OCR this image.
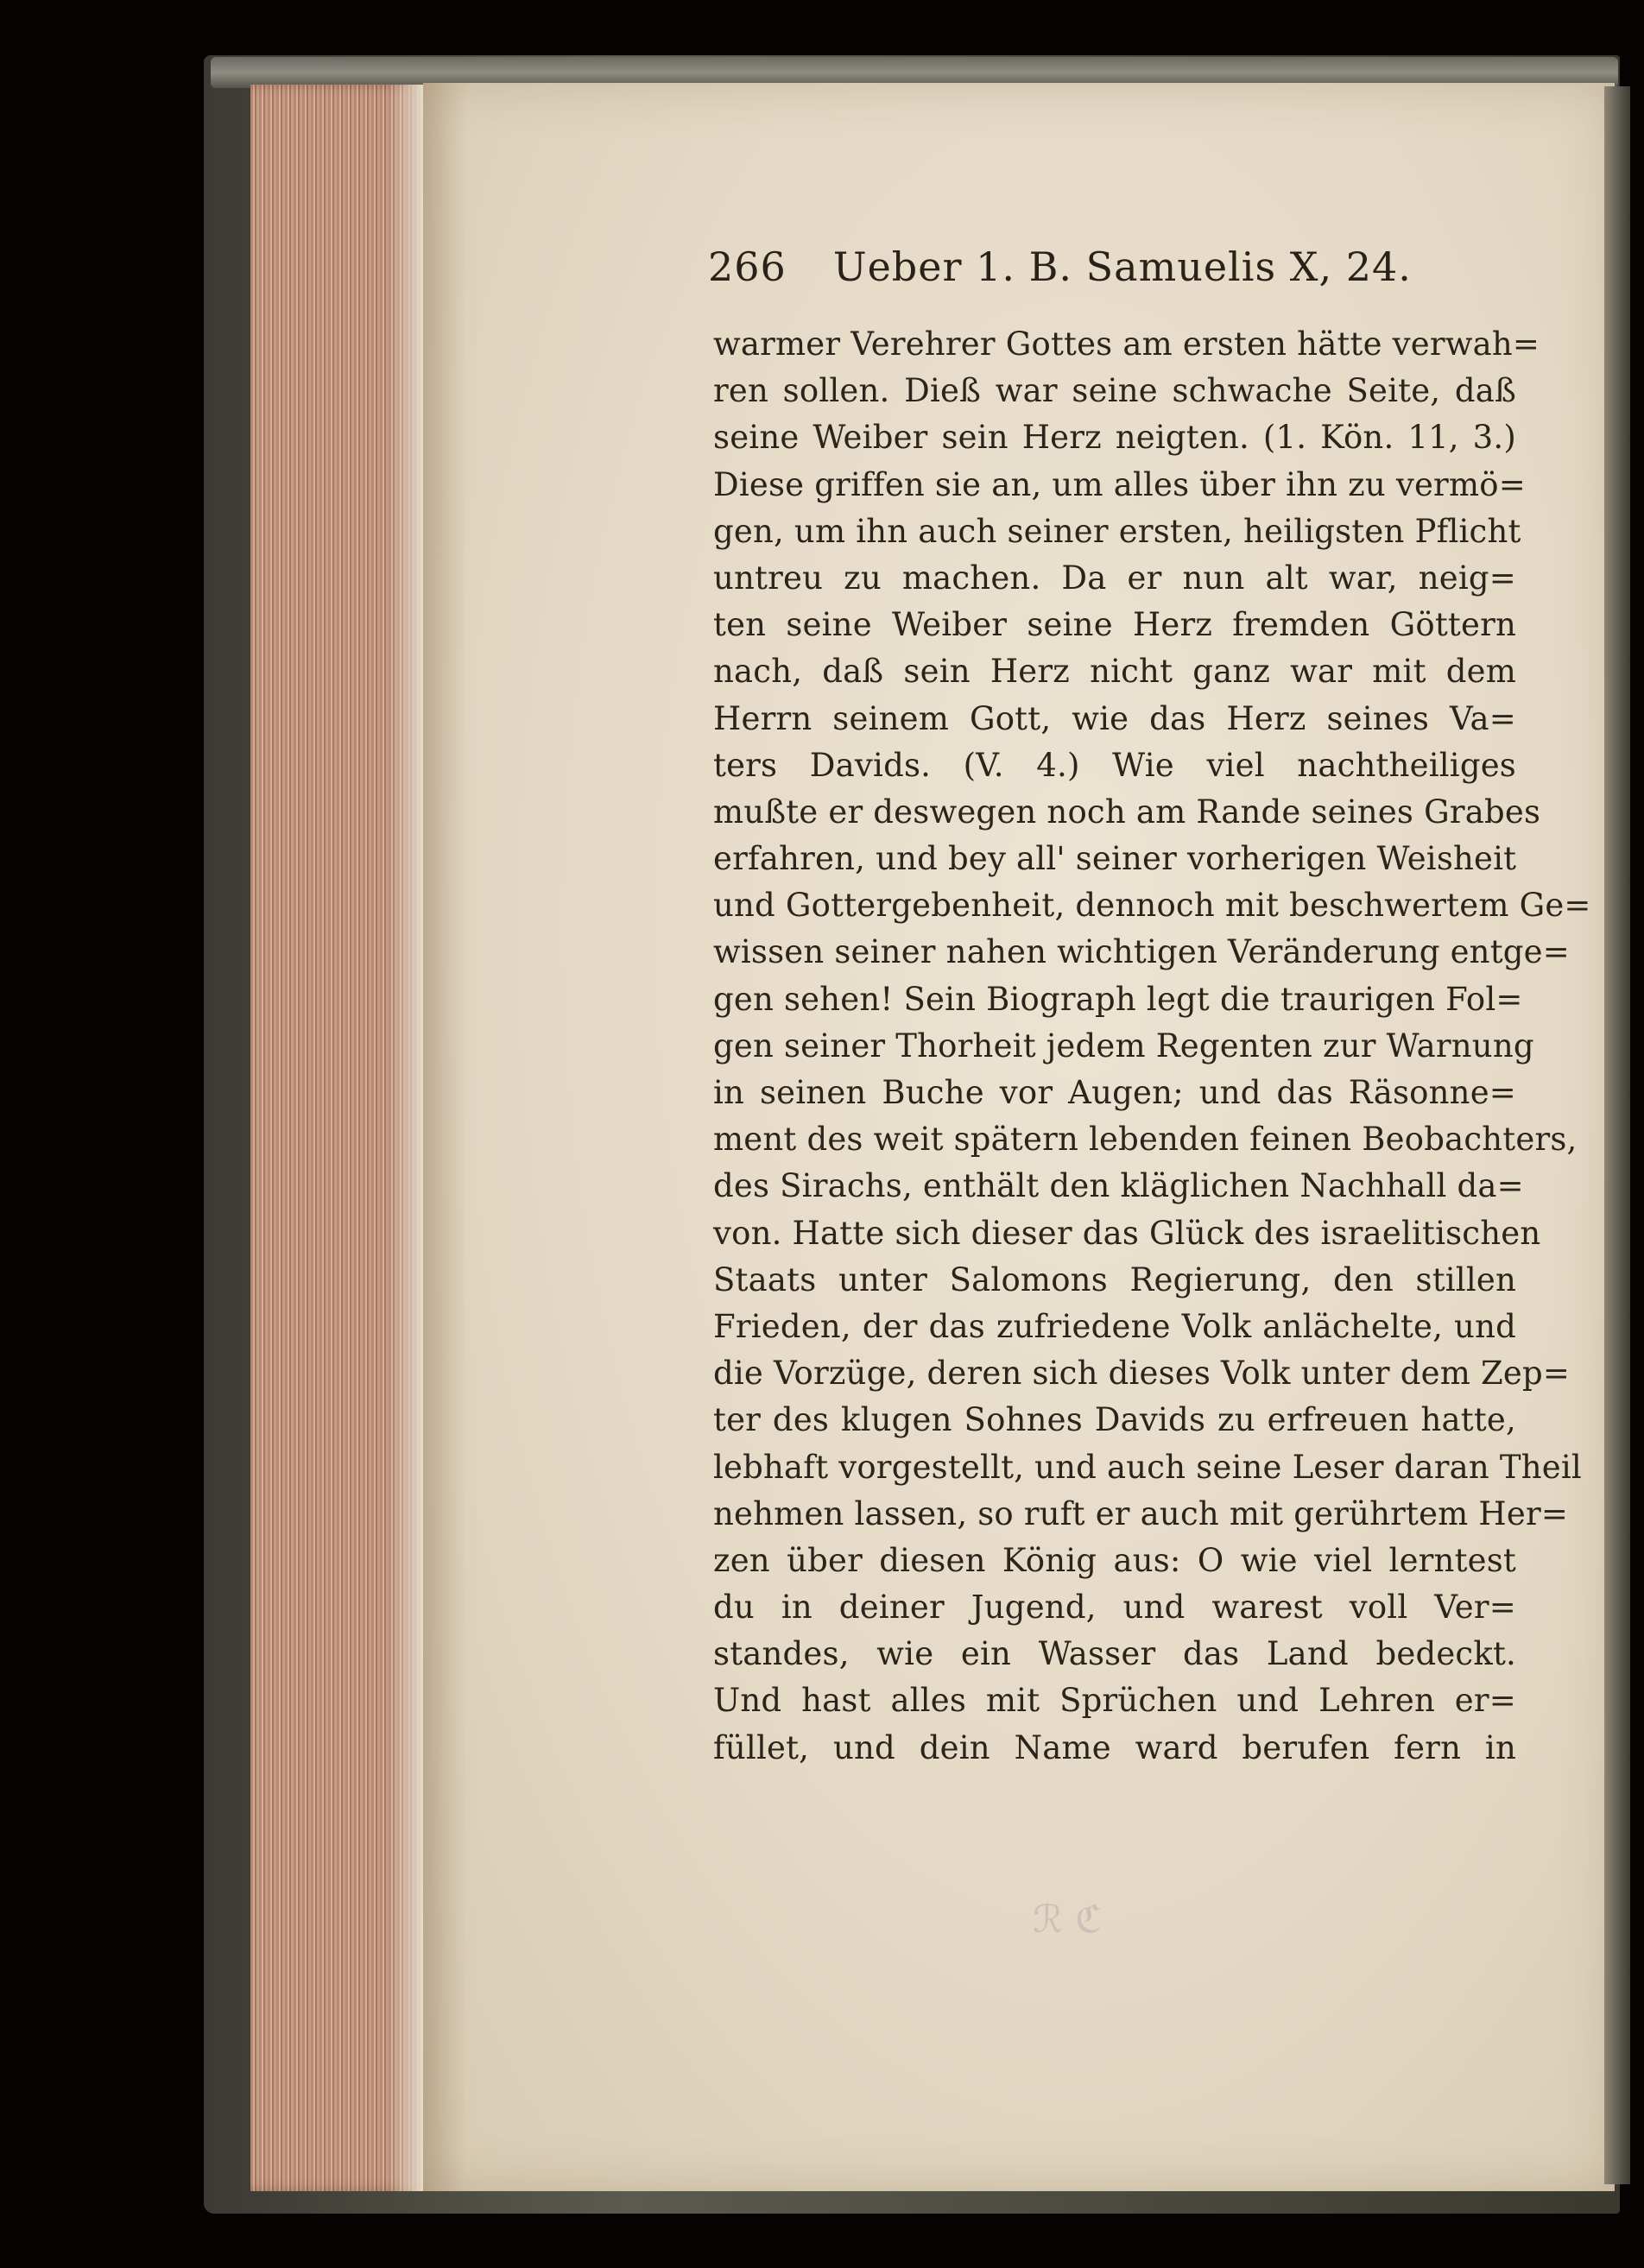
266 Ueber 1. B. Samuelis X, 24.
warmer Verehrer Gottes am ersten hätte verwah=
ren sollen. Dieß war seine schwache Seite, daß
seine Weiber sein Herz neigten. (1. Kön. 11, 3.)
Diese griffen sie an, um alles über ihn zu vermö=
gen, um ihn auch seiner ersten, heiligsten Pflicht
untreu zu machen. Da er nun alt war, neig=
ten seine Weiber seine Herz fremden Göttern
nach, daß sein Herz nicht ganz war mit dem
Herrn seinem Gott, wie das Herz seines Va=
ters Davids. (V. 4.) Wie viel nachtheiliges
mußte er deswegen noch am Rande seines Grabes
erfahren, und bey all' seiner vorherigen Weisheit
und Gottergebenheit, dennoch mit beschwertem Ge=
wissen seiner nahen wichtigen Veränderung entge=
gen sehen! Sein Biograph legt die traurigen Fol=
gen seiner Thorheit jedem Regenten zur Warnung
in seinen Buche vor Augen; und das Räsonne=
ment des weit spätern lebenden feinen Beobachters,
des Sirachs, enthält den kläglichen Nachhall da=
von. Hatte sich dieser das Glück des israelitischen
Staats unter Salomons Regierung, den stillen
Frieden, der das zufriedene Volk anlächelte, und
die Vorzüge, deren sich dieses Volk unter dem Zep=
ter des klugen Sohnes Davids zu erfreuen hatte,
lebhaft vorgestellt, und auch seine Leser daran Theil
nehmen lassen, so ruft er auch mit gerührtem Her=
zen über diesen König aus: O wie viel lerntest
du in deiner Jugend, und warest voll Ver=
standes, wie ein Wasser das Land bedeckt.
Und hast alles mit Sprüchen und Lehren er=
füllet, und dein Name ward berufen fern in
ℛ ℭ
